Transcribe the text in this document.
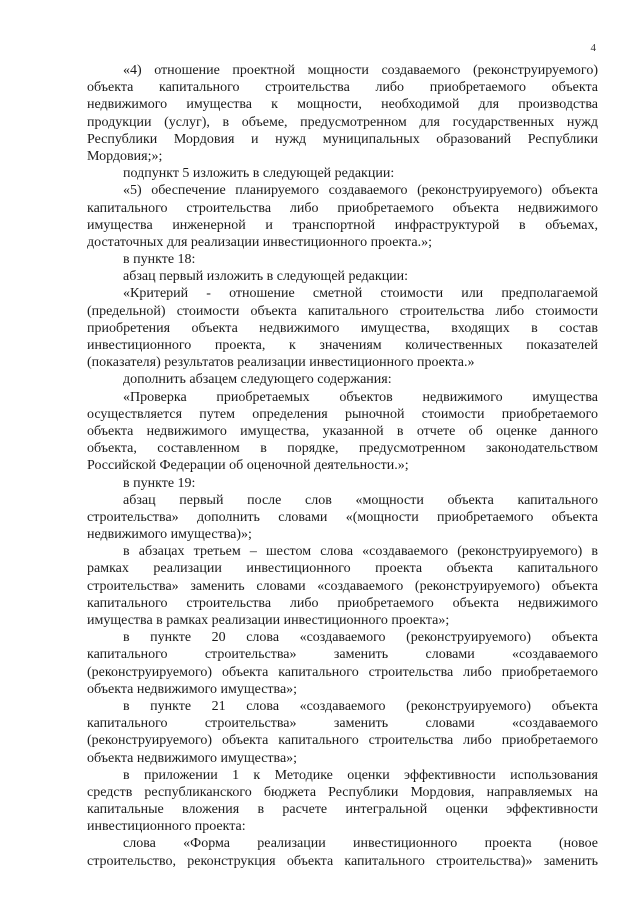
4
«4) отношение проектной мощности создаваемого (реконструируемого)
объекта капитального строительства либо приобретаемого объекта
недвижимого имущества к мощности, необходимой для производства
продукции (услуг), в объеме, предусмотренном для государственных нужд
Республики Мордовия и нужд муниципальных образований Республики
Мордовия;»;
подпункт 5 изложить в следующей редакции:
«5) обеспечение планируемого создаваемого (реконструируемого) объекта
капитального строительства либо приобретаемого объекта недвижимого
имущества инженерной и транспортной инфраструктурой в объемах,
достаточных для реализации инвестиционного проекта.»;
в пункте 18:
абзац первый изложить в следующей редакции:
«Критерий - отношение сметной стоимости или предполагаемой
(предельной) стоимости объекта капитального строительства либо стоимости
приобретения объекта недвижимого имущества, входящих в состав
инвестиционного проекта, к значениям количественных показателей
(показателя) результатов реализации инвестиционного проекта.»
дополнить абзацем следующего содержания:
«Проверка приобретаемых объектов недвижимого имущества
осуществляется путем определения рыночной стоимости приобретаемого
объекта недвижимого имущества, указанной в отчете об оценке данного
объекта, составленном в порядке, предусмотренном законодательством
Российской Федерации об оценочной деятельности.»;
в пункте 19:
абзац первый после слов «мощности объекта капитального
строительства» дополнить словами «(мощности приобретаемого объекта
недвижимого имущества)»;
в абзацах третьем – шестом слова «создаваемого (реконструируемого) в
рамках реализации инвестиционного проекта объекта капитального
строительства» заменить словами «создаваемого (реконструируемого) объекта
капитального строительства либо приобретаемого объекта недвижимого
имущества в рамках реализации инвестиционного проекта»;
в пункте 20 слова «создаваемого (реконструируемого) объекта
капитального строительства» заменить словами «создаваемого
(реконструируемого) объекта капитального строительства либо приобретаемого
объекта недвижимого имущества»;
в пункте 21 слова «создаваемого (реконструируемого) объекта
капитального строительства» заменить словами «создаваемого
(реконструируемого) объекта капитального строительства либо приобретаемого
объекта недвижимого имущества»;
в приложении 1 к Методике оценки эффективности использования
средств республиканского бюджета Республики Мордовия, направляемых на
капитальные вложения в расчете интегральной оценки эффективности
инвестиционного проекта:
слова «Форма реализации инвестиционного проекта (новое
строительство, реконструкция объекта капитального строительства)» заменить
